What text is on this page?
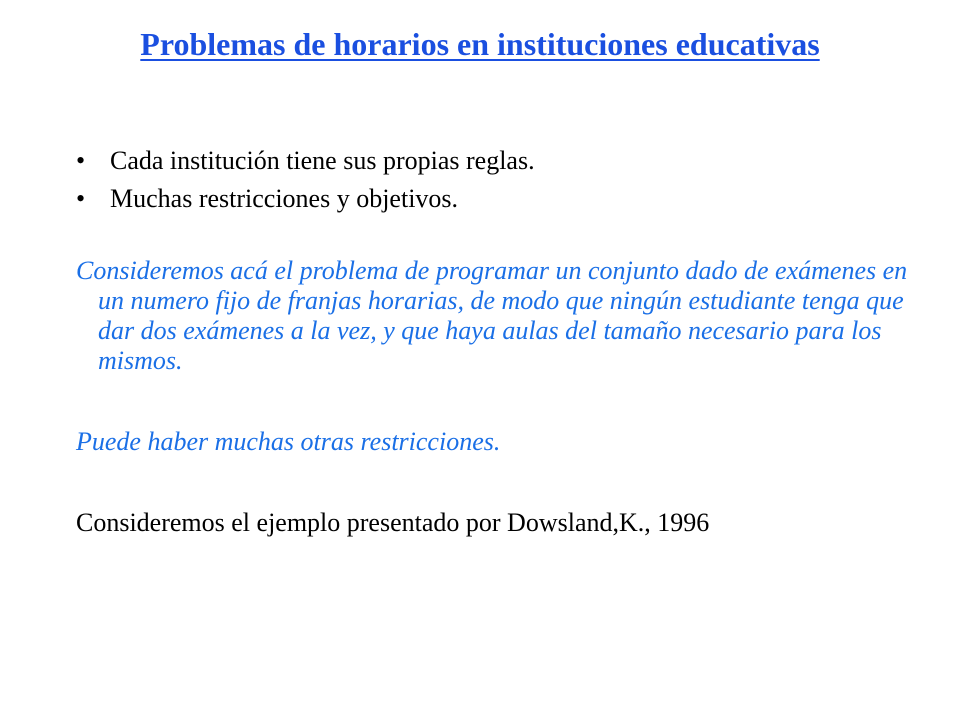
Problemas de horarios en instituciones educativas
• Cada institución tiene sus propias reglas.
• Muchas restricciones y objetivos.

Consideremos acá el problema de programar un conjunto dado de exámenes en un numero fijo de franjas horarias, de modo que ningún estudiante tenga que dar dos exámenes a la vez, y que haya aulas del tamaño necesario para los mismos.

Puede haber muchas otras restricciones.

Consideremos el ejemplo presentado por Dowsland,K., 1996
